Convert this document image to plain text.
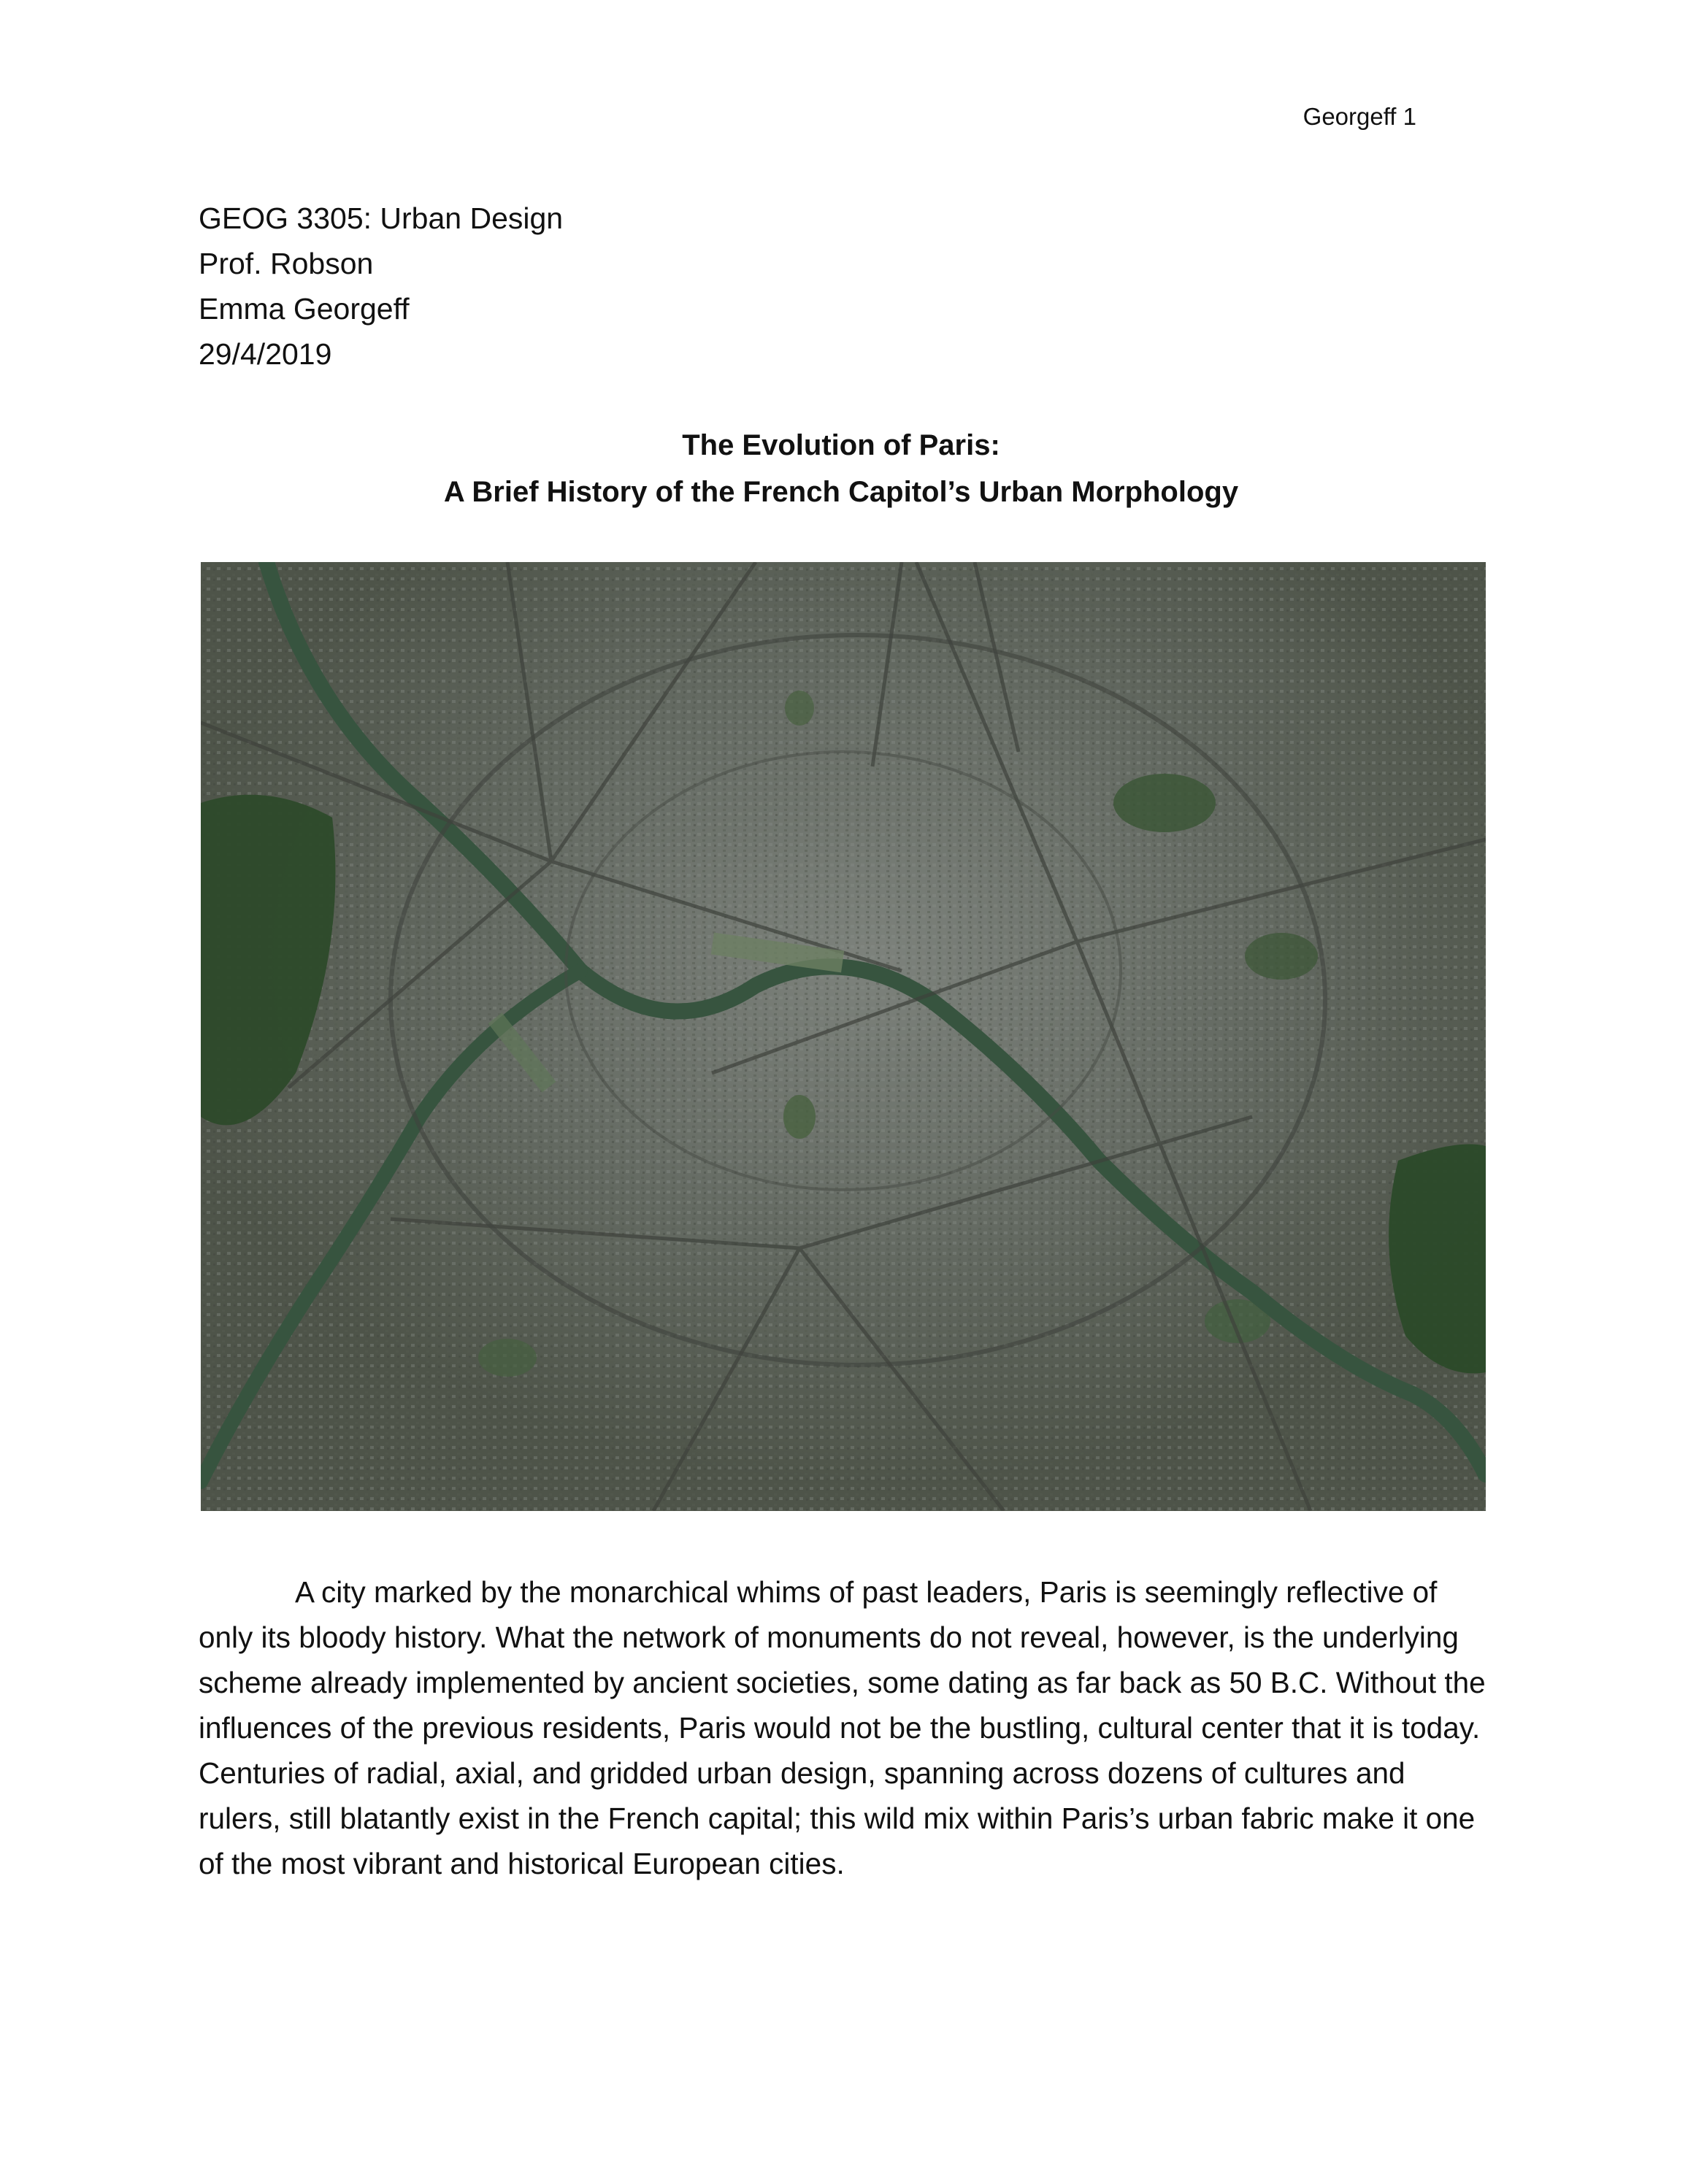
Georgeff 1
GEOG 3305: Urban Design
Prof. Robson
Emma Georgeff
29/4/2019
The Evolution of Paris:
A Brief History of the French Capitol’s Urban Morphology

A city marked by the monarchical whims of past leaders, Paris is seemingly reflective of only its bloody history. What the network of monuments do not reveal, however, is the underlying scheme already implemented by ancient societies, some dating as far back as 50 B.C. Without the influences of the previous residents, Paris would not be the bustling, cultural center that it is today. Centuries of radial, axial, and gridded urban design, spanning across dozens of cultures and rulers, still blatantly exist in the French capital; this wild mix within Paris’s urban fabric make it one of the most vibrant and historical European cities.
